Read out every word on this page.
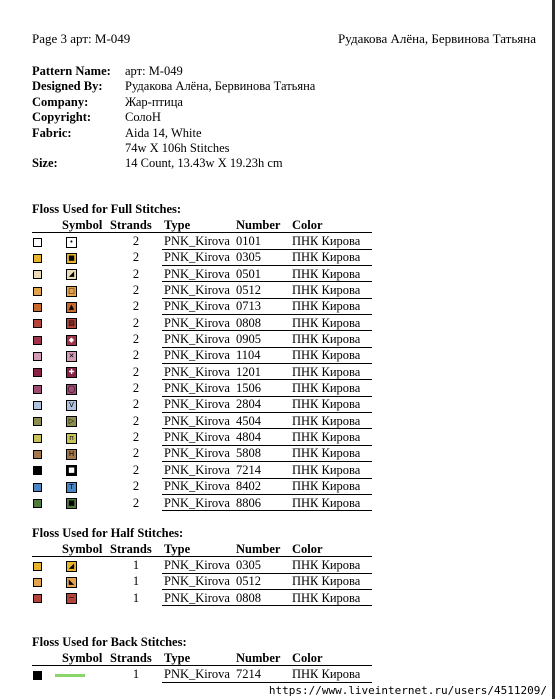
Page 3 арт: М-049	Рудакова Алёна, Бервинова Татьяна
Pattern Name: арт: М-049
Designed By: Рудакова Алёна, Бервинова Татьяна
Company:	Жар-птица
Copyright:	СолоН
Fabric:	Aida 14, White
74w X 106h Stitches
Size:	14 Count, 13.43w X 19.23h cm
Floss Used for Full Stitches:
	Symbol	Strands	Type	Number	Color
	•	2	PNK_Kirova	0101	ПНК Кирова
	■	2	PNK_Kirova	0305	ПНК Кирова
	◢	2	PNK_Kirova	0501	ПНК Кирова
	□	2	PNK_Kirova	0512	ПНК Кирова
	▲	2	PNK_Kirova	0713	ПНК Кирова
	▨	2	PNK_Kirova	0808	ПНК Кирова
	◆	2	PNK_Kirova	0905	ПНК Кирова
	✕	2	PNK_Kirova	1104	ПНК Кирова
	✚	2	PNK_Kirova	1201	ПНК Кирова
	◯	2	PNK_Kirova	1506	ПНК Кирова
	V	2	PNK_Kirova	2804	ПНК Кирова
	▷	2	PNK_Kirova	4504	ПНК Кирова
	п	2	PNK_Kirova	4804	ПНК Кирова
	H	2	PNK_Kirova	5808	ПНК Кирова
	■	2	PNK_Kirova	7214	ПНК Кирова
	T	2	PNK_Kirova	8402	ПНК Кирова
	■	2	PNK_Kirova	8806	ПНК Кирова
Floss Used for Half Stitches:
	Symbol	Strands	Type	Number	Color
	◢	1	PNK_Kirova	0305	ПНК Кирова
	◣	1	PNK_Kirova	0512	ПНК Кирова
	─	1	PNK_Kirova	0808	ПНК Кирова
Floss Used for Back Stitches:
	Symbol	Strands	Type	Number	Color
		1	PNK_Kirova	7214	ПНК Кирова
https://www.liveinternet.ru/users/4511209/
